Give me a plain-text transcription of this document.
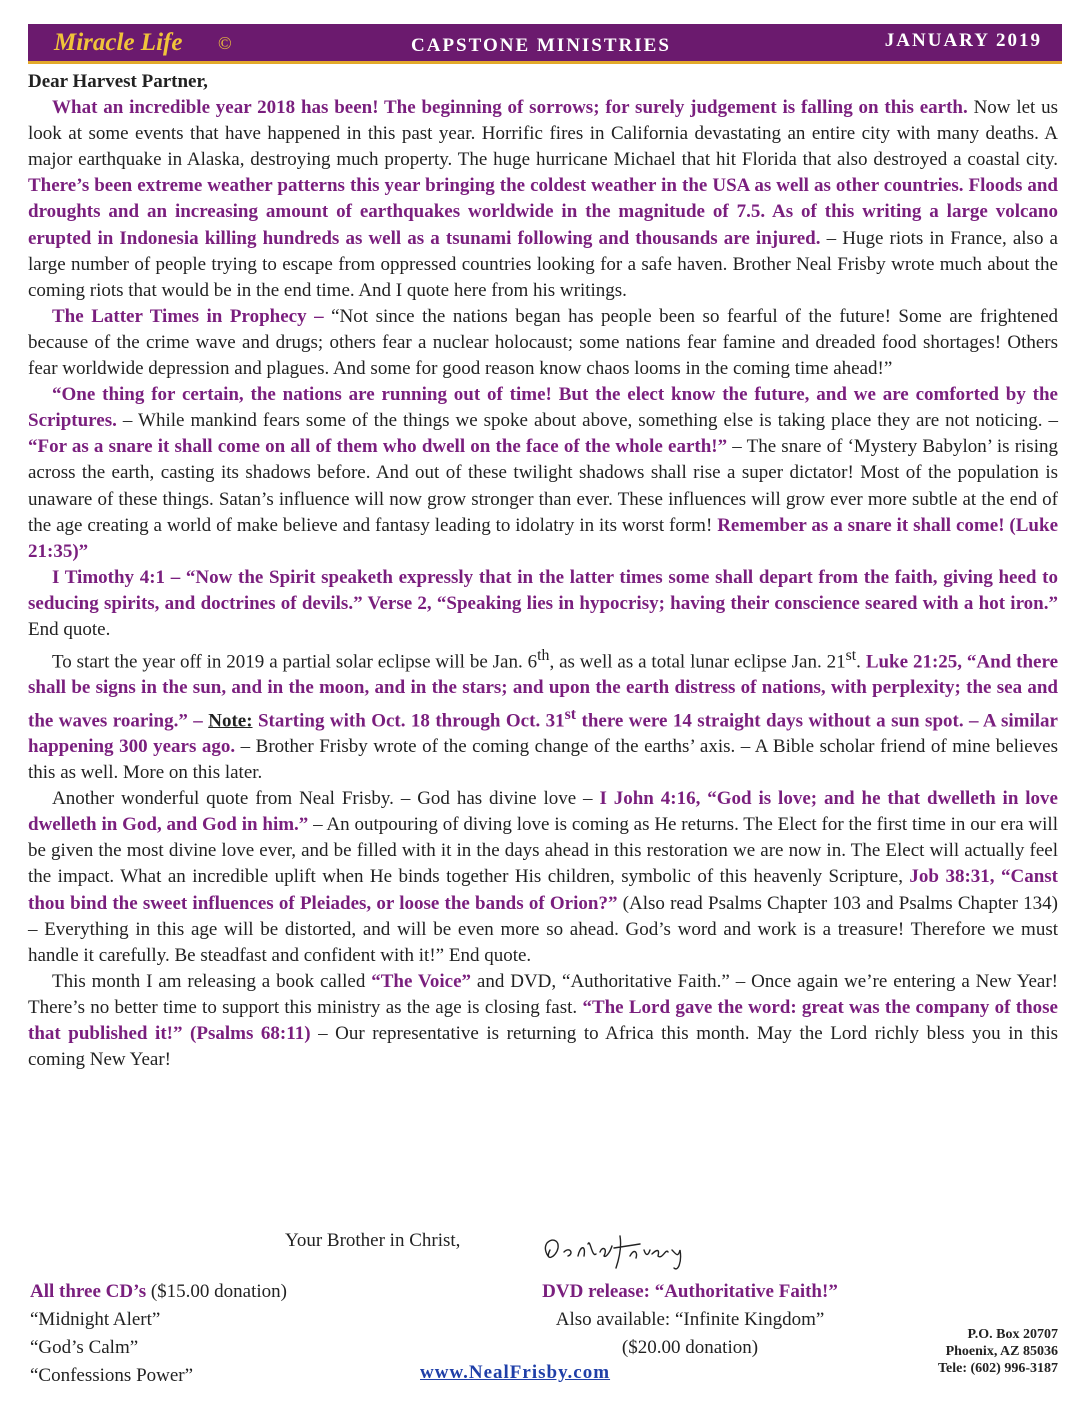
Miracle Life ©	CAPSTONE MINISTRIES	JANUARY 2019
Dear Harvest Partner,
What an incredible year 2018 has been! The beginning of sorrows; for surely judgement is falling on this earth. Now let us look at some events that have happened in this past year. Horrific fires in California devastating an entire city with many deaths. A major earthquake in Alaska, destroying much property. The huge hurricane Michael that hit Florida that also destroyed a coastal city. There’s been extreme weather patterns this year bringing the coldest weather in the USA as well as other countries. Floods and droughts and an increasing amount of earthquakes worldwide in the magnitude of 7.5. As of this writing a large volcano erupted in Indonesia killing hundreds as well as a tsunami following and thousands are injured. – Huge riots in France, also a large number of people trying to escape from oppressed countries looking for a safe haven. Brother Neal Frisby wrote much about the coming riots that would be in the end time. And I quote here from his writings.
The Latter Times in Prophecy – “Not since the nations began has people been so fearful of the future! Some are frightened because of the crime wave and drugs; others fear a nuclear holocaust; some nations fear famine and dreaded food shortages! Others fear worldwide depression and plagues. And some for good reason know chaos looms in the coming time ahead!”
“One thing for certain, the nations are running out of time! But the elect know the future, and we are comforted by the Scriptures. – While mankind fears some of the things we spoke about above, something else is taking place they are not noticing. – “For as a snare it shall come on all of them who dwell on the face of the whole earth!” – The snare of ‘Mystery Babylon’ is rising across the earth, casting its shadows before. And out of these twilight shadows shall rise a super dictator! Most of the population is unaware of these things. Satan’s influence will now grow stronger than ever. These influences will grow ever more subtle at the end of the age creating a world of make believe and fantasy leading to idolatry in its worst form! Remember as a snare it shall come! (Luke 21:35)”
I Timothy 4:1 – “Now the Spirit speaketh expressly that in the latter times some shall depart from the faith, giving heed to seducing spirits, and doctrines of devils.” Verse 2, “Speaking lies in hypocrisy; having their conscience seared with a hot iron.” End quote.
To start the year off in 2019 a partial solar eclipse will be Jan. 6th, as well as a total lunar eclipse Jan. 21st. Luke 21:25, “And there shall be signs in the sun, and in the moon, and in the stars; and upon the earth distress of nations, with perplexity; the sea and the waves roaring.” – Note: Starting with Oct. 18 through Oct. 31st there were 14 straight days without a sun spot. – A similar happening 300 years ago. – Brother Frisby wrote of the coming change of the earths’ axis. – A Bible scholar friend of mine believes this as well. More on this later.
Another wonderful quote from Neal Frisby. – God has divine love – I John 4:16, “God is love; and he that dwelleth in love dwelleth in God, and God in him.” – An outpouring of diving love is coming as He returns. The Elect for the first time in our era will be given the most divine love ever, and be filled with it in the days ahead in this restoration we are now in. The Elect will actually feel the impact. What an incredible uplift when He binds together His children, symbolic of this heavenly Scripture, Job 38:31, “Canst thou bind the sweet influences of Pleiades, or loose the bands of Orion?” (Also read Psalms Chapter 103 and Psalms Chapter 134) – Everything in this age will be distorted, and will be even more so ahead. God’s word and work is a treasure! Therefore we must handle it carefully. Be steadfast and confident with it!” End quote.
This month I am releasing a book called “The Voice” and DVD, “Authoritative Faith.” – Once again we’re entering a New Year! There’s no better time to support this ministry as the age is closing fast. “The Lord gave the word: great was the company of those that published it!” (Psalms 68:11) – Our representative is returning to Africa this month. May the Lord richly bless you in this coming New Year!
Your Brother in Christ,
All three CD’s ($15.00 donation)
“Midnight Alert”
“God’s Calm”
“Confessions Power”
DVD release: “Authoritative Faith!”
Also available: “Infinite Kingdom”
($20.00 donation)
P.O. Box 20707
Phoenix, AZ 85036
Tele: (602) 996-3187
www.NealFrisby.com
